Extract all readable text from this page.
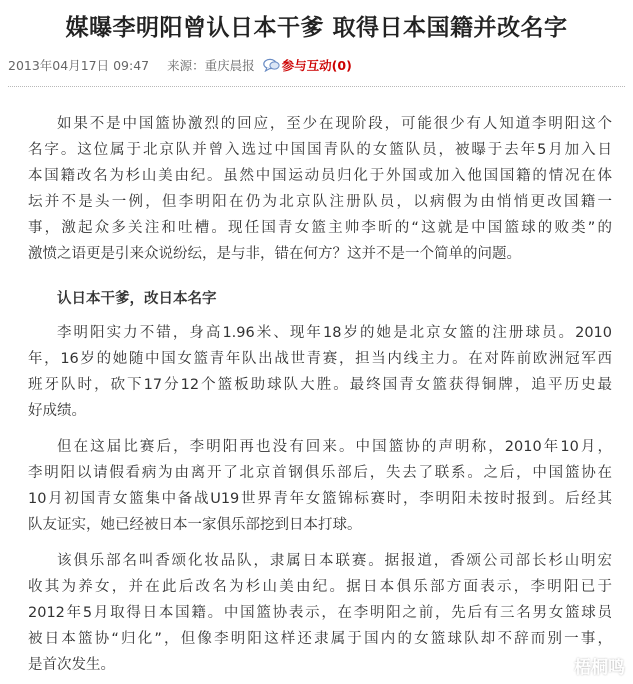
媒曝李明阳曾认日本干爹 取得日本国籍并改名字
2013年04月17日 09:47 来源： 重庆晨报 参与互动 (0)
如果不是中国篮协激烈的回应，至少在现阶段，可能很少有人知道李明阳这个
名字。这位属于北京队并曾入选过中国国青队的女篮队员，被曝于去年5月加入日
本国籍改名为杉山美由纪。虽然中国运动员归化于外国或加入他国国籍的情况在体
坛并不是头一例，但李明阳在仍为北京队注册队员，以病假为由悄悄更改国籍一
事，激起众多关注和吐槽。现任国青女篮主帅李昕的“这就是中国篮球的败类”的
激愤之语更是引来众说纷纭，是与非，错在何方？这并不是一个简单的问题。
认日本干爹，改日本名字
李明阳实力不错，身高1.96米、现年18岁的她是北京女篮的注册球员。2010
年，16岁的她随中国女篮青年队出战世青赛，担当内线主力。在对阵前欧洲冠军西
班牙队时，砍下17分12个篮板助球队大胜。最终国青女篮获得铜牌，追平历史最
好成绩。
但在这届比赛后，李明阳再也没有回来。中国篮协的声明称，2010年10月，
李明阳以请假看病为由离开了北京首钢俱乐部后，失去了联系。之后，中国篮协在
10月初国青女篮集中备战U19世界青年女篮锦标赛时，李明阳未按时报到。后经其
队友证实，她已经被日本一家俱乐部挖到日本打球。
该俱乐部名叫香颂化妆品队，隶属日本联赛。据报道，香颂公司部长杉山明宏
收其为养女，并在此后改名为杉山美由纪。据日本俱乐部方面表示，李明阳已于
2012年5月取得日本国籍。中国篮协表示，在李明阳之前，先后有三名男女篮球员
被日本篮协“归化”，但像李明阳这样还隶属于国内的女篮球队却不辞而别一事，
是首次发生。	梧桐鸣
